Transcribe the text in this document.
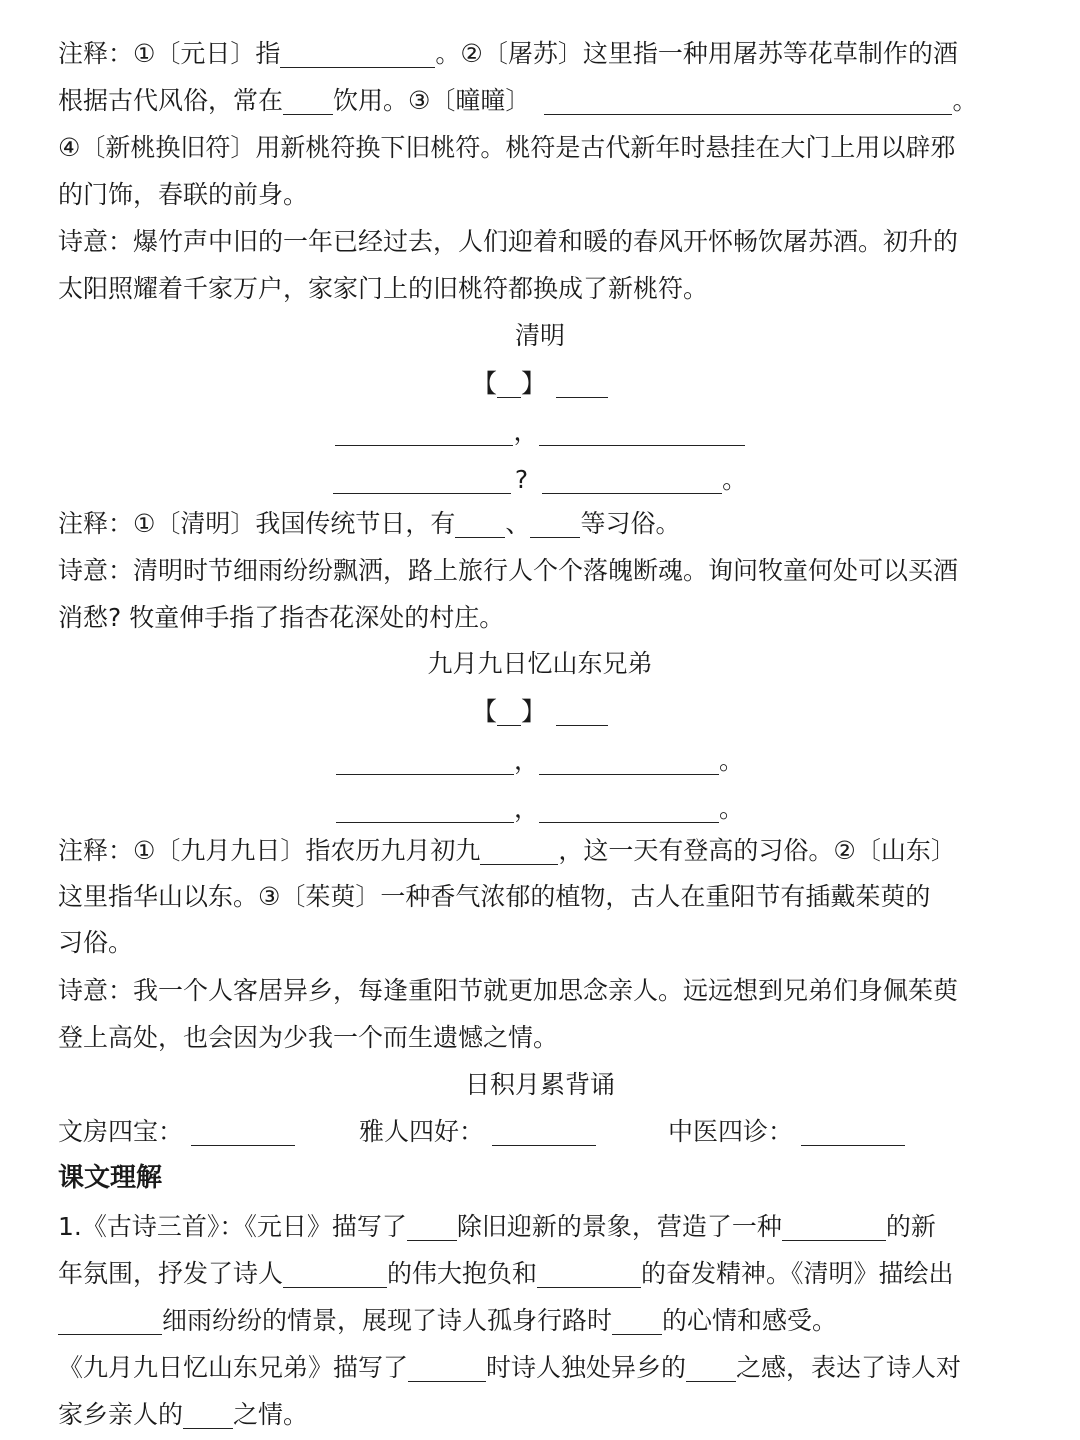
注释：①〔元日〕指	。②〔屠苏〕这里指一种用屠苏等花草制作的酒
根据古代风俗，常在 饮用。③〔曈曈〕	。
④〔新桃换旧符〕用新桃符换下旧桃符。桃符是古代新年时悬挂在大门上用以辟邪
的门饰，春联的前身。
诗意：爆竹声中旧的一年已经过去，人们迎着和暖的春风开怀畅饮屠苏酒。初升的
太阳照耀着千家万户，家家门上的旧桃符都换成了新桃符。
清明
【 】
，
?	。
注释：①〔清明〕我国传统节日，有 、 等习俗。
诗意：清明时节细雨纷纷飘洒，路上旅行人个个落魄断魂。询问牧童何处可以买酒
消愁? 牧童伸手指了指杏花深处的村庄。
九月九日忆山东兄弟
【 】
，	。
，	。
注释：①〔九月九日〕指农历九月初九	，这一天有登高的习俗。②〔山东〕
这里指华山以东。③〔茱萸〕一种香气浓郁的植物，古人在重阳节有插戴茱萸的
习俗。
诗意：我一个人客居异乡，每逢重阳节就更加思念亲人。远远想到兄弟们身佩茱萸
登上高处，也会因为少我一个而生遗憾之情。
日积月累背诵
文房四宝：	雅人四好：	中医四诊：
课文理解
1.《古诗三首》：《元日》描写了 除旧迎新的景象，营造了一种	的新
年氛围，抒发了诗人	的伟大抱负和	的奋发精神。《清明》描绘出
细雨纷纷的情景，展现了诗人孤身行路时 的心情和感受。
《九月九日忆山东兄弟》描写了	时诗人独处异乡的 之感，表达了诗人对
家乡亲人的 之情。
